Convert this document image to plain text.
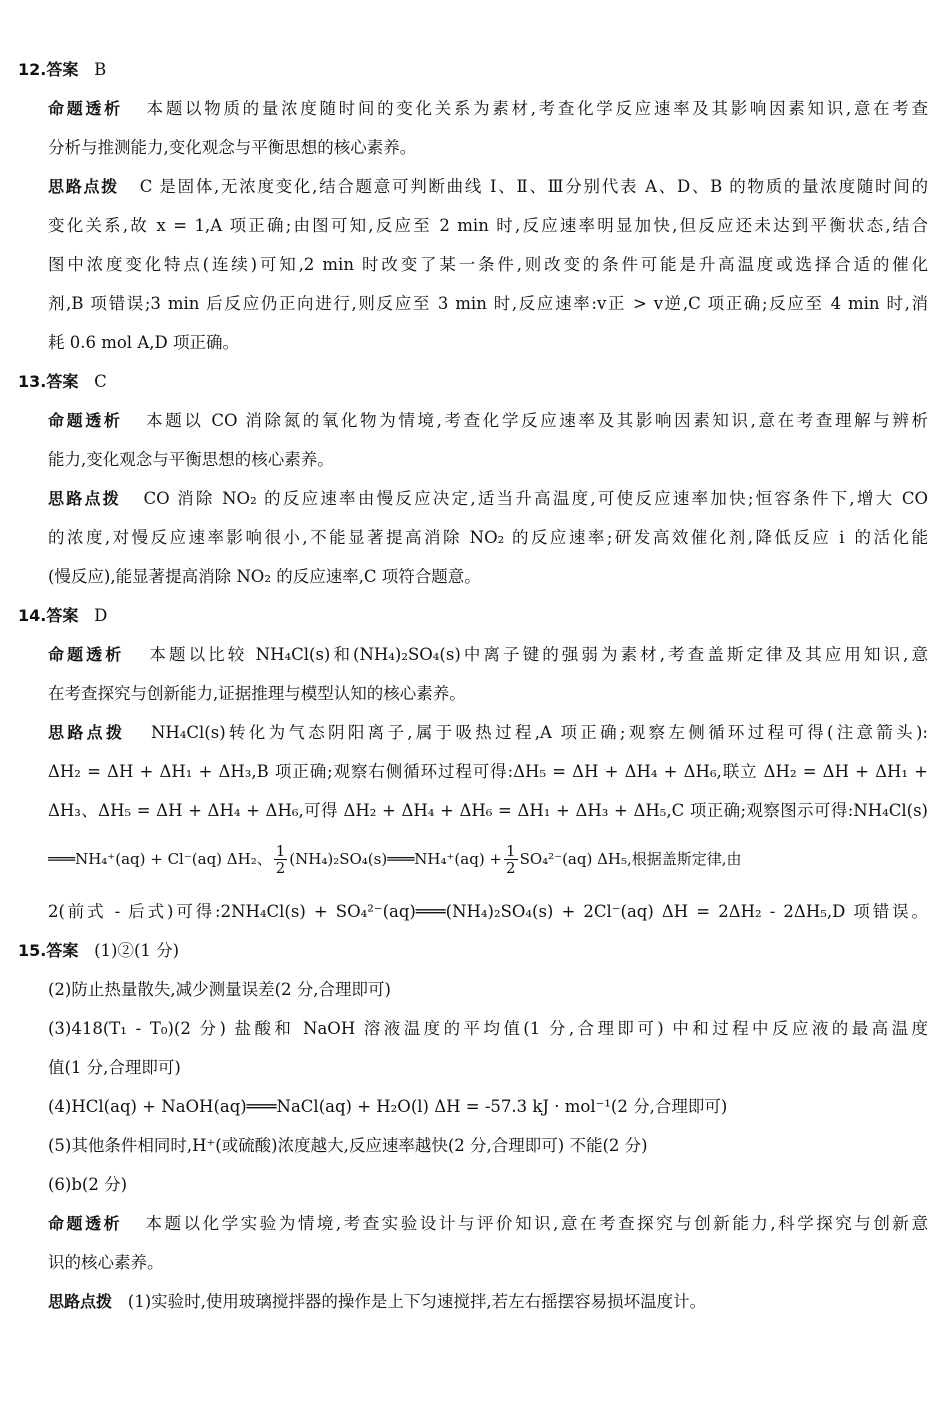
12.答案 B
命题透析 本题以物质的量浓度随时间的变化关系为素材,考查化学反应速率及其影响因素知识,意在考查
分析与推测能力,变化观念与平衡思想的核心素养。
思路点拨 C 是固体,无浓度变化,结合题意可判断曲线 Ⅰ、Ⅱ、Ⅲ分别代表 A、D、B 的物质的量浓度随时间的
变化关系,故 x = 1,A 项正确;由图可知,反应至 2 min 时,反应速率明显加快,但反应还未达到平衡状态,结合
图中浓度变化特点(连续)可知,2 min 时改变了某一条件,则改变的条件可能是升高温度或选择合适的催化
剂,B 项错误;3 min 后反应仍正向进行,则反应至 3 min 时,反应速率:v正 > v逆,C 项正确;反应至 4 min 时,消
耗 0.6 mol A,D 项正确。
13.答案 C
命题透析 本题以 CO 消除氮的氧化物为情境,考查化学反应速率及其影响因素知识,意在考查理解与辨析
能力,变化观念与平衡思想的核心素养。
思路点拨 CO 消除 NO₂ 的反应速率由慢反应决定,适当升高温度,可使反应速率加快;恒容条件下,增大 CO
的浓度,对慢反应速率影响很小,不能显著提高消除 NO₂ 的反应速率;研发高效催化剂,降低反应 ⅰ 的活化能
(慢反应),能显著提高消除 NO₂ 的反应速率,C 项符合题意。
14.答案 D
命题透析 本题以比较 NH₄Cl(s)和(NH₄)₂SO₄(s)中离子键的强弱为素材,考查盖斯定律及其应用知识,意
在考查探究与创新能力,证据推理与模型认知的核心素养。
思路点拨 NH₄Cl(s)转化为气态阴阳离子,属于吸热过程,A 项正确;观察左侧循环过程可得(注意箭头):
ΔH₂ = ΔH + ΔH₁ + ΔH₃,B 项正确;观察右侧循环过程可得:ΔH₅ = ΔH + ΔH₄ + ΔH₆,联立 ΔH₂ = ΔH + ΔH₁ +
ΔH₃、ΔH₅ = ΔH + ΔH₄ + ΔH₆,可得 ΔH₂ + ΔH₄ + ΔH₆ = ΔH₁ + ΔH₃ + ΔH₅,C 项正确;观察图示可得:NH₄Cl(s)
═══NH₄⁺(aq) + Cl⁻(aq) ΔH₂、 $\frac{1}{2}$ (NH₄)₂SO₄(s)═══NH₄⁺(aq) + $\frac{1}{2} SO_4^{2-}(aq)$ ΔH₅,根据盖斯定律,由
2(前式 - 后式)可得:2NH₄Cl(s) + SO₄²⁻(aq)═══(NH₄)₂SO₄(s) + 2Cl⁻(aq) ΔH = 2ΔH₂ - 2ΔH₅,D 项错误。
15.答案 (1)②(1 分)
(2)防止热量散失,减少测量误差(2 分,合理即可)
(3)418(T₁ - T₀)(2 分) 盐酸和 NaOH 溶液温度的平均值(1 分,合理即可) 中和过程中反应液的最高温度
值(1 分,合理即可)
(4)HCl(aq) + NaOH(aq)═══NaCl(aq) + H₂O(l) ΔH = -57.3 kJ · mol⁻¹(2 分,合理即可)
(5)其他条件相同时,H⁺(或硫酸)浓度越大,反应速率越快(2 分,合理即可) 不能(2 分)
(6)b(2 分)
命题透析 本题以化学实验为情境,考查实验设计与评价知识,意在考查探究与创新能力,科学探究与创新意
识的核心素养。
思路点拨 (1)实验时,使用玻璃搅拌器的操作是上下匀速搅拌,若左右摇摆容易损坏温度计。
